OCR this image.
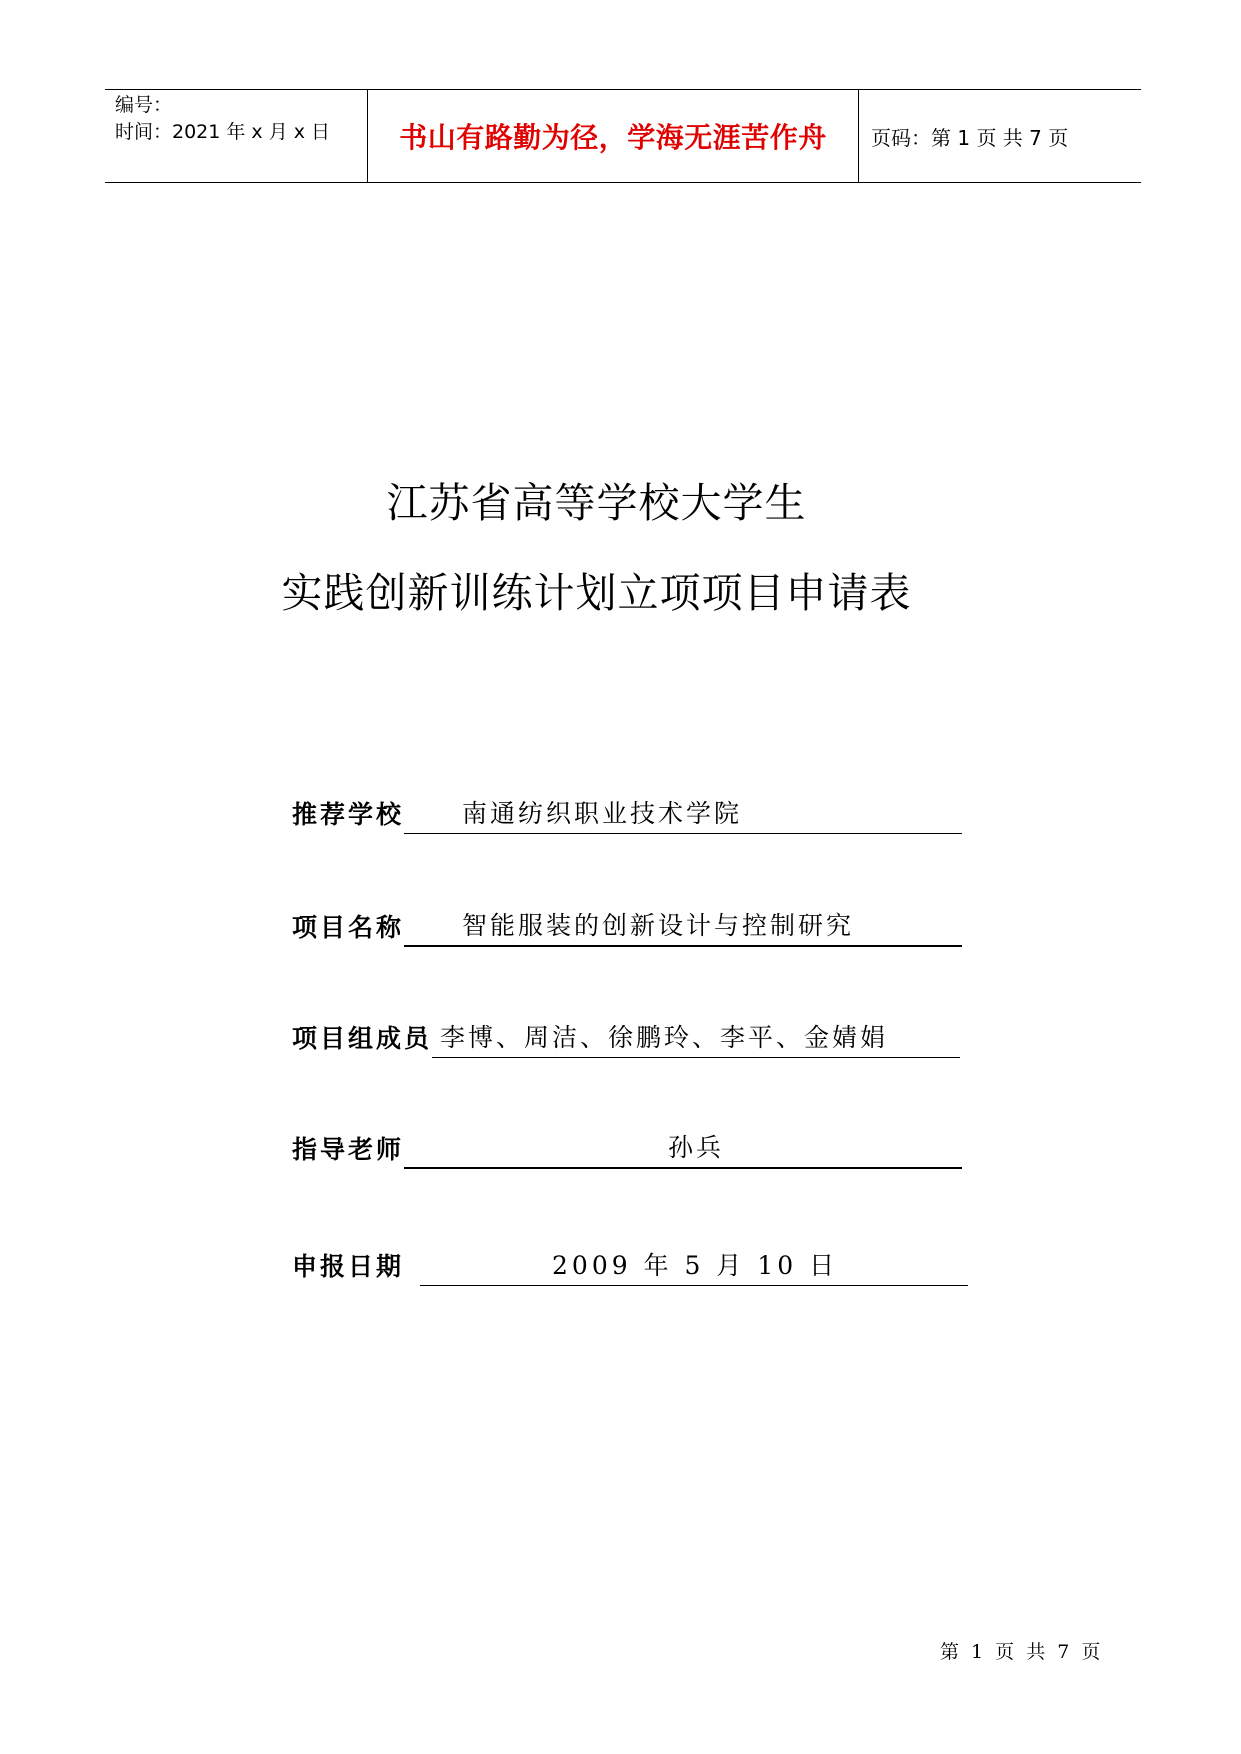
编号：
时间：2021 年 x 月 x 日	书山有路勤为径，学海无涯苦作舟	页码：第 1 页 共 7 页
江苏省高等学校大学生
实践创新训练计划立项项目申请表
推荐学校	南通纺织职业技术学院
项目名称	智能服装的创新设计与控制研究
项目组成员 李博、周洁、徐鹏玲、李平、金婧娟
指导老师	孙兵
申报日期	2009 年 5 月 10 日
第 1 页 共 7 页
